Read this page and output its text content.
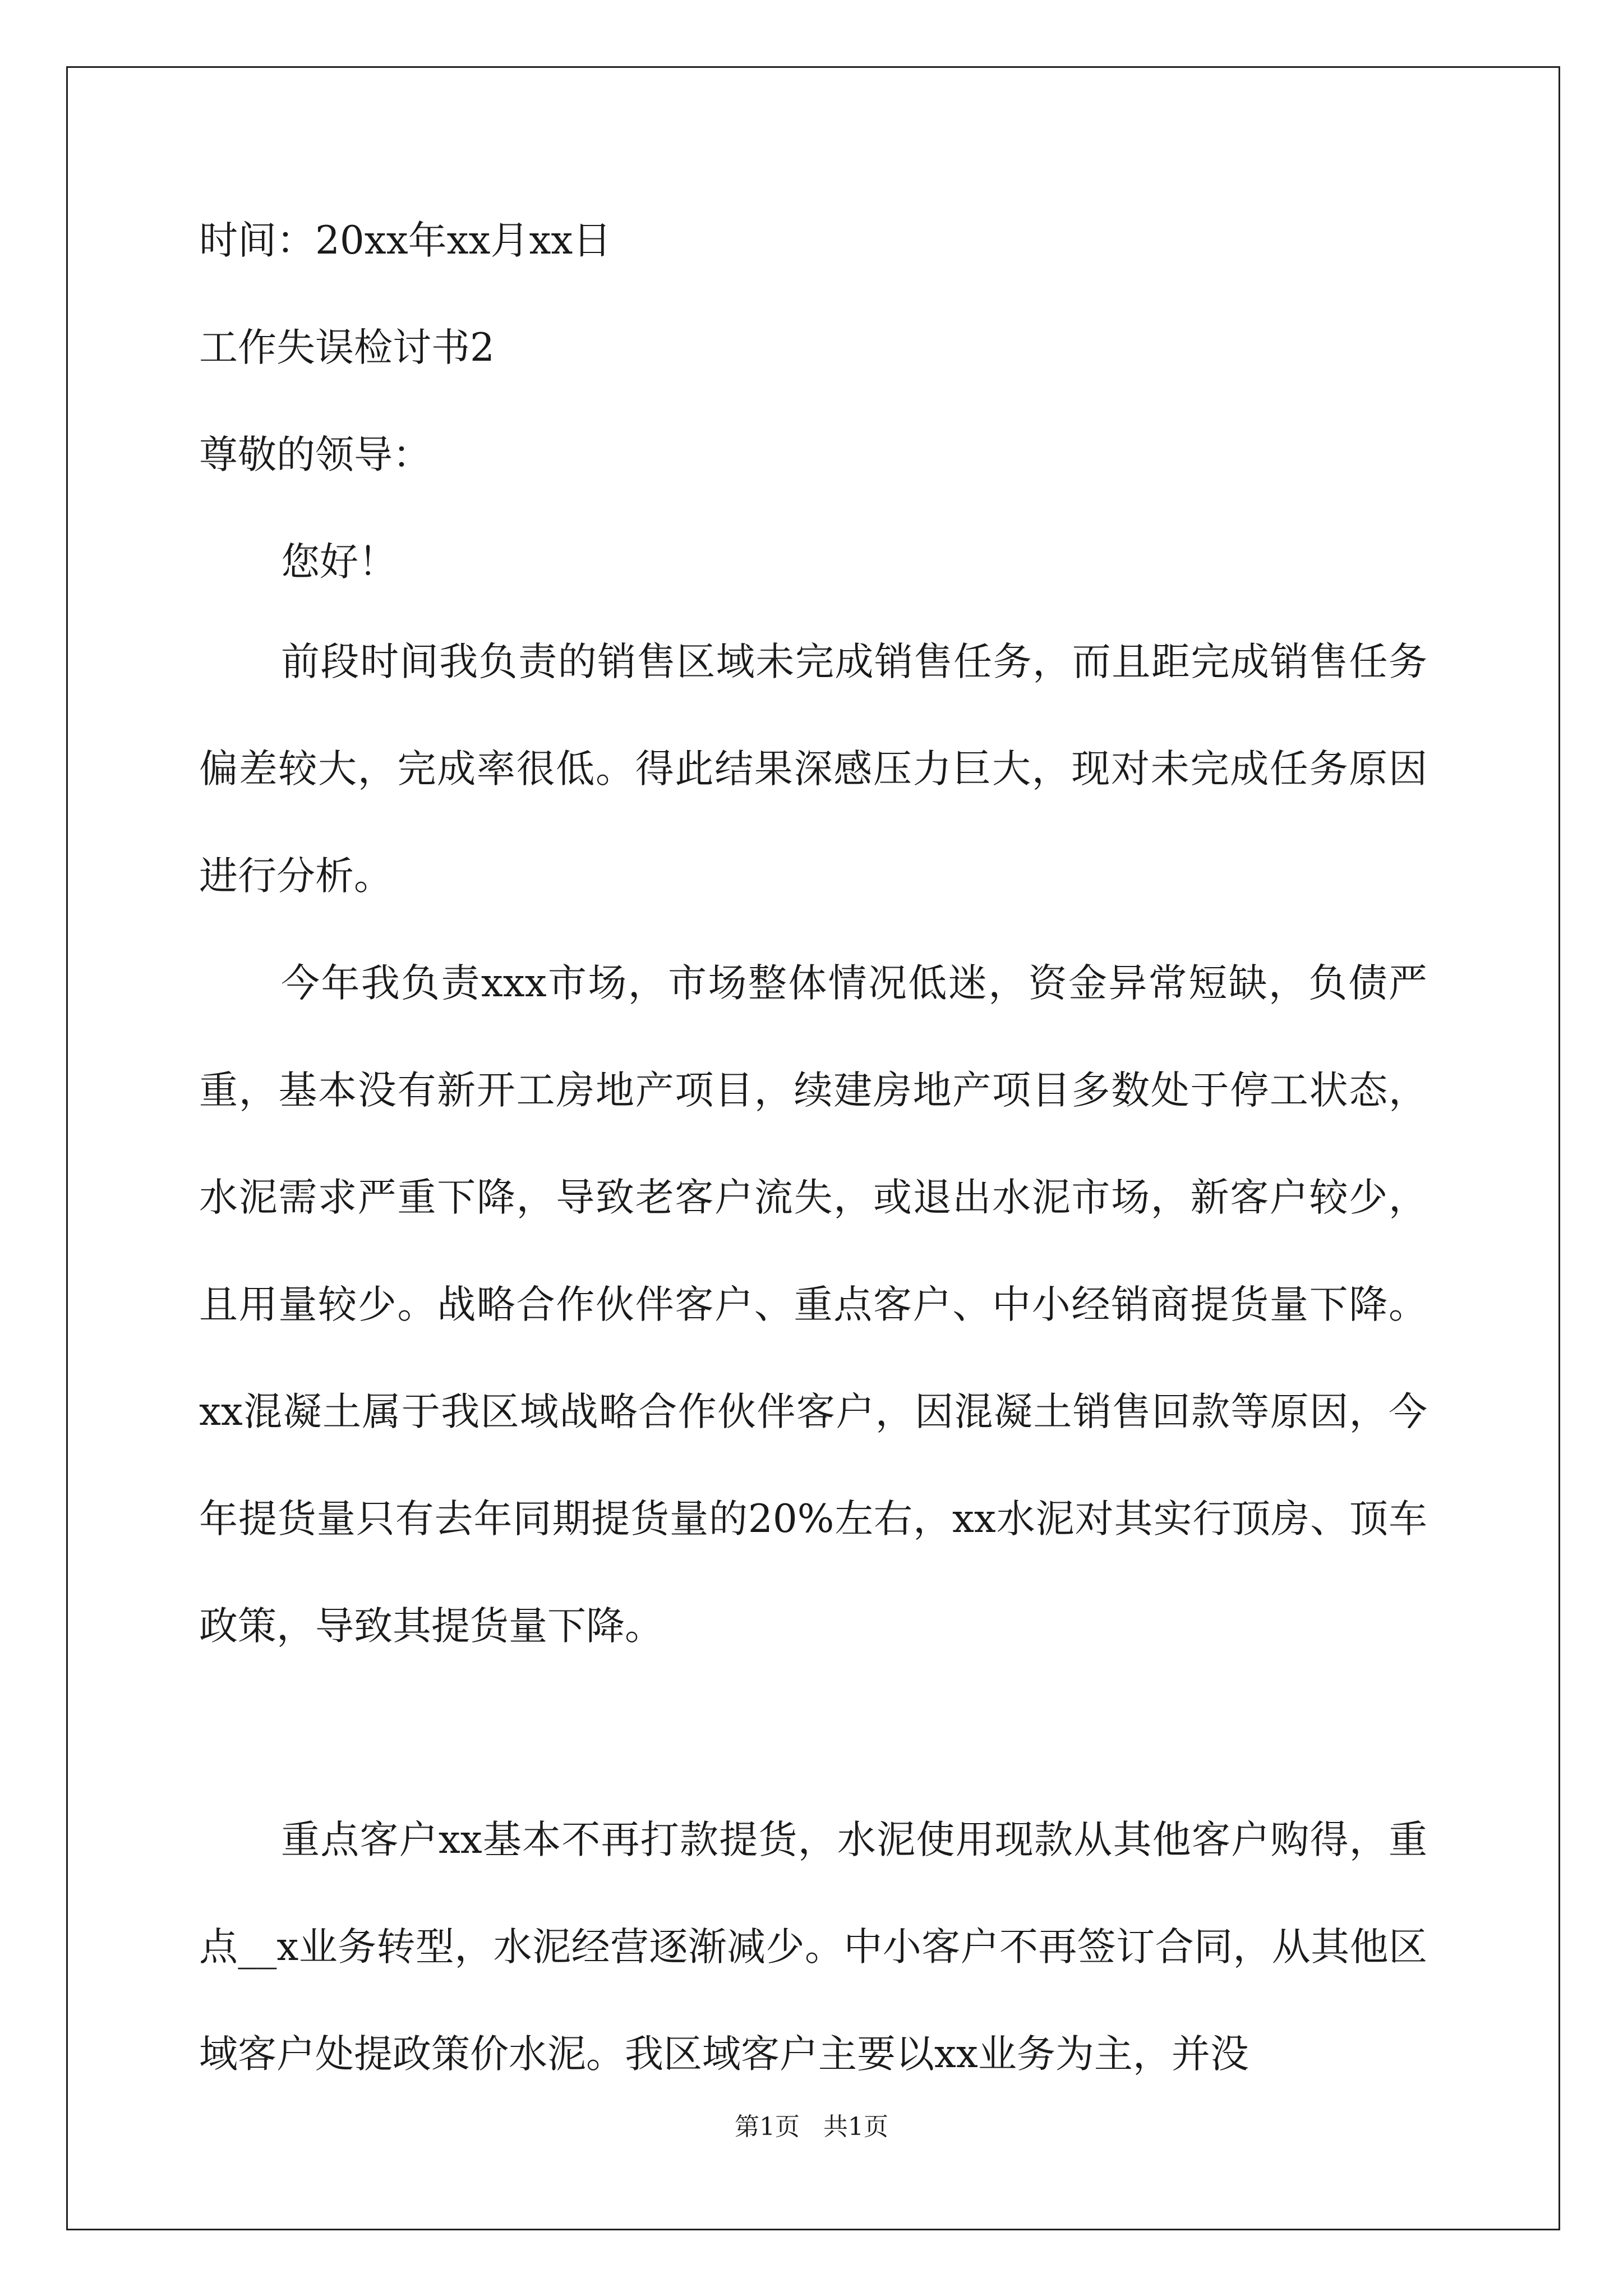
时间：20xx年xx月xx日
工作失误检讨书2
尊敬的领导：
您好！

前段时间我负责的销售区域未完成销售任务，而且距完成销售任务偏差较大，完成率很低。得此结果深感压力巨大，现对未完成任务原因进行分析。

今年我负责xxx市场，市场整体情况低迷，资金异常短缺，负债严重，基本没有新开工房地产项目，续建房地产项目多数处于停工状态，水泥需求严重下降，导致老客户流失，或退出水泥市场，新客户较少，且用量较少。战略合作伙伴客户、重点客户、中小经销商提货量下降。xx混凝土属于我区域战略合作伙伴客户，因混凝土销售回款等原因，今年提货量只有去年同期提货量的20%左右，xx水泥对其实行顶房、顶车政策，导致其提货量下降。

重点客户xx基本不再打款提货，水泥使用现款从其他客户购得，重点__x业务转型，水泥经营逐渐减少。中小客户不再签订合同，从其他区域客户处提政策价水泥。我区域客户主要以xx业务为主，并没

第1页   共1页
